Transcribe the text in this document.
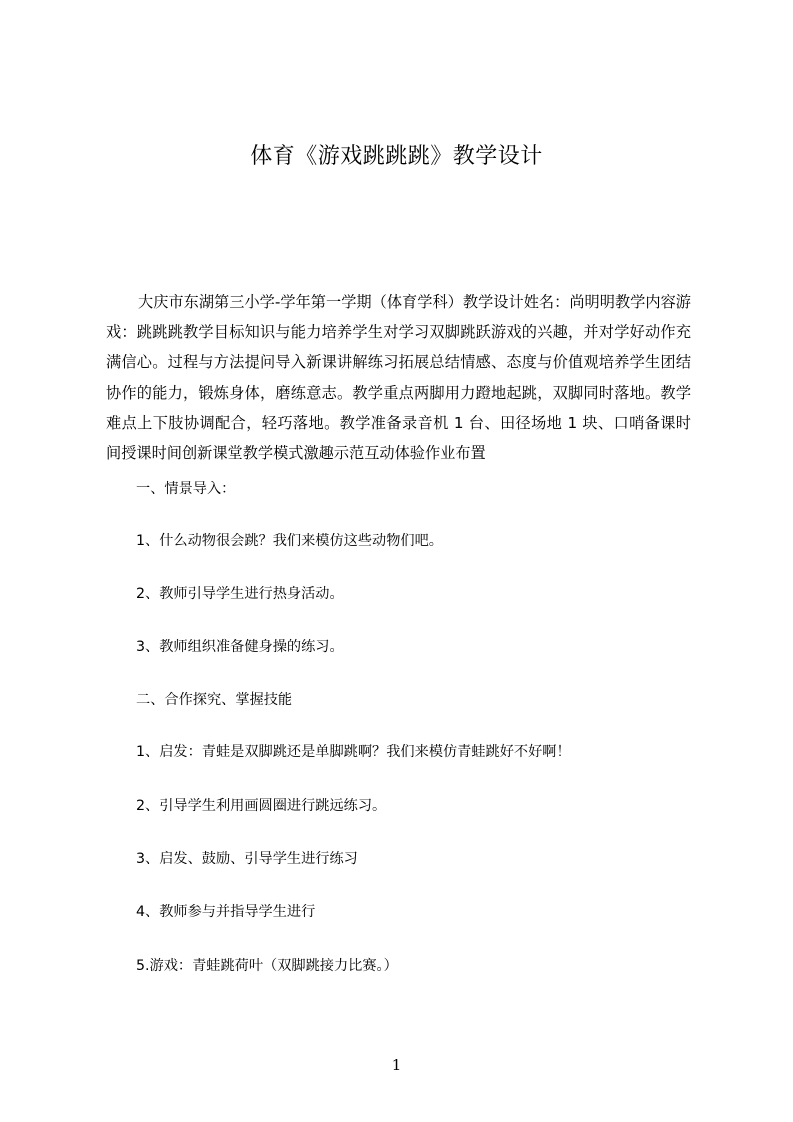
体育《游戏跳跳跳》教学设计

大庆市东湖第三小学-学年第一学期（体育学科）教学设计姓名：尚明明教学内容游戏：跳跳跳教学目标知识与能力培养学生对学习双脚跳跃游戏的兴趣，并对学好动作充满信心。过程与方法提问导入新课讲解练习拓展总结情感、态度与价值观培养学生团结协作的能力，锻炼身体，磨练意志。教学重点两脚用力蹬地起跳，双脚同时落地。教学难点上下肢协调配合，轻巧落地。教学准备录音机 1 台、田径场地 1 块、口哨备课时间授课时间创新课堂教学模式激趣示范互动体验作业布置

一、情景导入：

1、什么动物很会跳？我们来模仿这些动物们吧。

2、教师引导学生进行热身活动。

3、教师组织准备健身操的练习。

二、合作探究、掌握技能

1、启发：青蛙是双脚跳还是单脚跳啊？我们来模仿青蛙跳好不好啊！

2、引导学生利用画圆圈进行跳远练习。

3、启发、鼓励、引导学生进行练习

4、教师参与并指导学生进行

5.游戏：青蛙跳荷叶（双脚跳接力比赛。）

1
